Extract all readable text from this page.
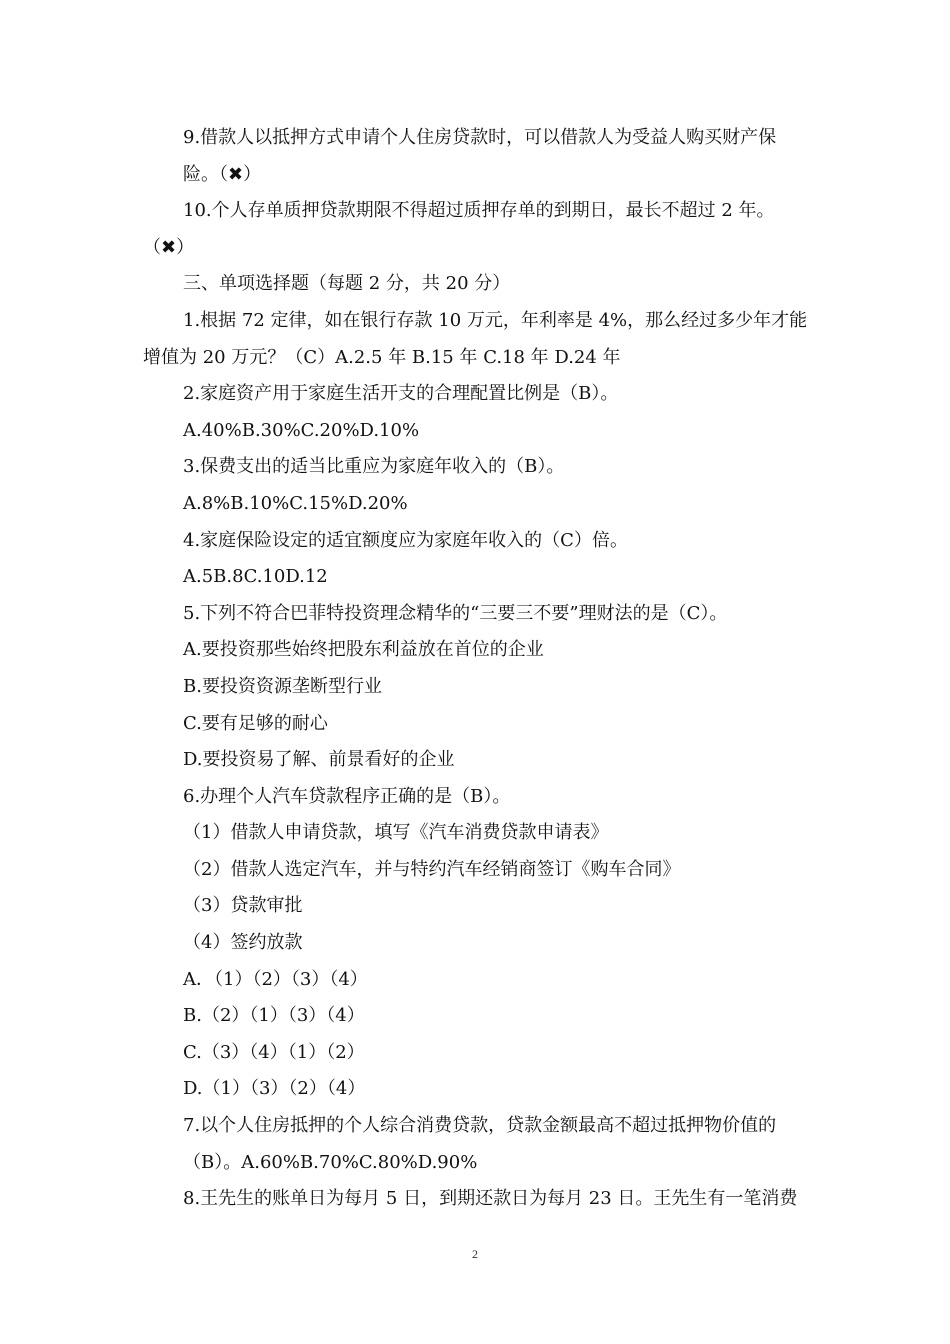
9.借款人以抵押方式申请个人住房贷款时，可以借款人为受益人购买财产保
险。（✖）
10.个人存单质押贷款期限不得超过质押存单的到期日，最长不超过 2 年。
（✖）
三、单项选择题（每题 2 分，共 20 分）
1.根据 72 定律，如在银行存款 10 万元，年利率是 4%，那么经过多少年才能
增值为 20 万元？（C）A.2.5 年 B.15 年 C.18 年 D.24 年
2.家庭资产用于家庭生活开支的合理配置比例是（B）。
A.40%B.30%C.20%D.10%
3.保费支出的适当比重应为家庭年收入的（B）。
A.8%B.10%C.15%D.20%
4.家庭保险设定的适宜额度应为家庭年收入的（C）倍。
A.5B.8C.10D.12
5.下列不符合巴菲特投资理念精华的“三要三不要”理财法的是（C）。
A.要投资那些始终把股东利益放在首位的企业
B.要投资资源垄断型行业
C.要有足够的耐心
D.要投资易了解、前景看好的企业
6.办理个人汽车贷款程序正确的是（B）。
（1）借款人申请贷款，填写《汽车消费贷款申请表》
（2）借款人选定汽车，并与特约汽车经销商签订《购车合同》
（3）贷款审批
（4）签约放款
A．（1）（2）（3）（4）
B.（2）（1）（3）（4）
C.（3）（4）（1）（2）
D.（1）（3）（2）（4）
7.以个人住房抵押的个人综合消费贷款，贷款金额最高不超过抵押物价值的
（B）。A.60%B.70%C.80%D.90%
8.王先生的账单日为每月 5 日，到期还款日为每月 23 日。王先生有一笔消费
2
